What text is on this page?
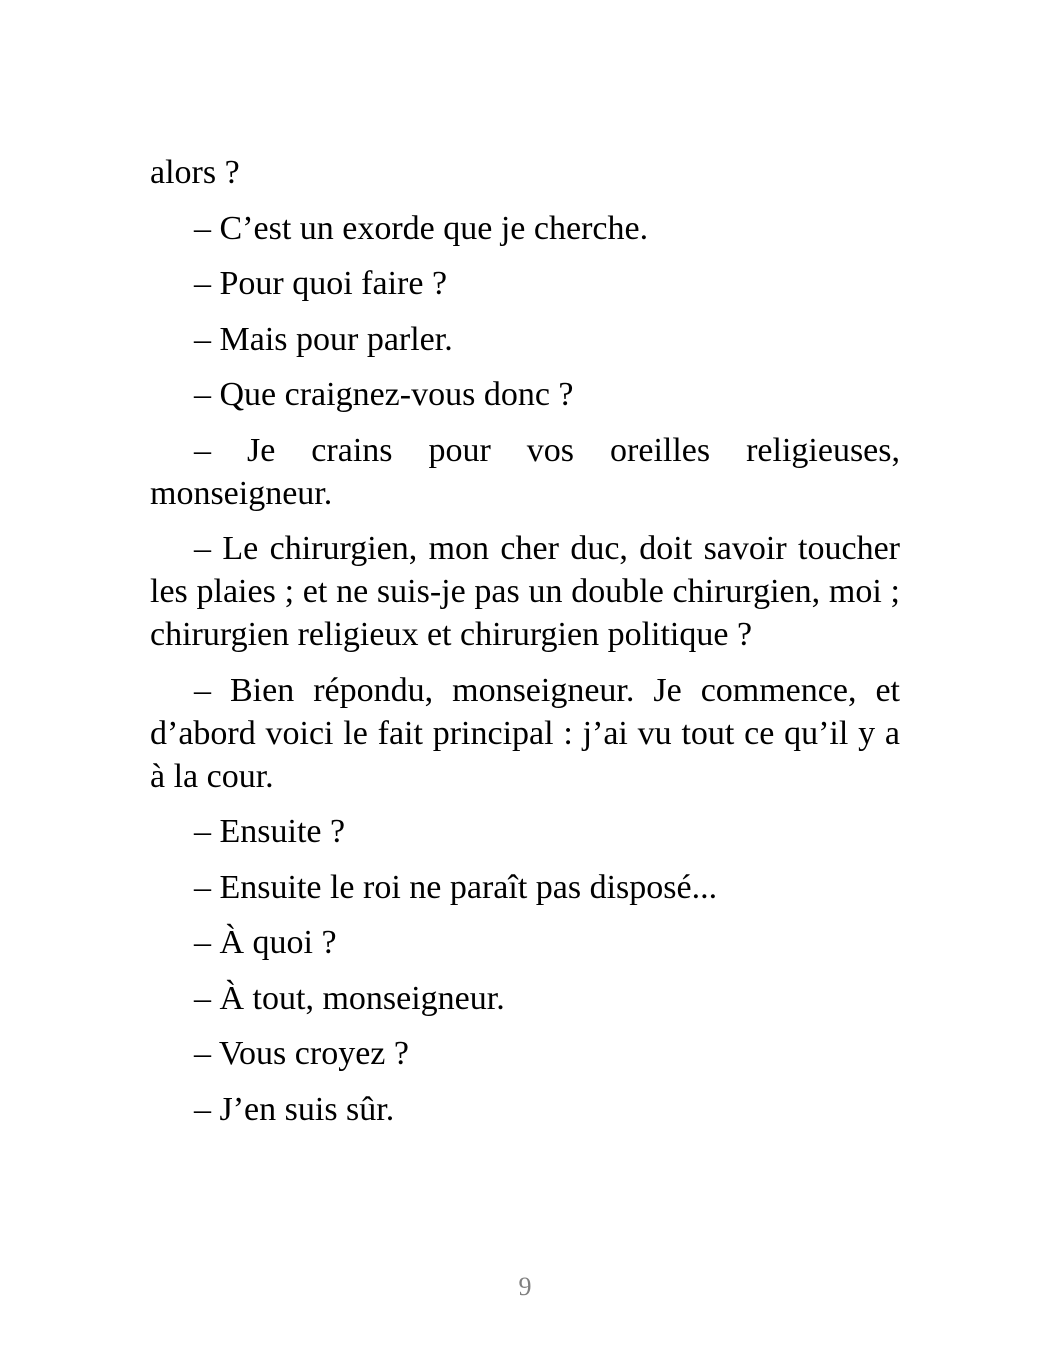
alors ?

– C’est un exorde que je cherche.

– Pour quoi faire ?

– Mais pour parler.

– Que craignez-vous donc ?

– Je crains pour vos oreilles religieuses, monseigneur.

– Le chirurgien, mon cher duc, doit savoir toucher les plaies ; et ne suis-je pas un double chirurgien, moi ; chirurgien religieux et chirurgien politique ?

– Bien répondu, monseigneur. Je commence, et d’abord voici le fait principal : j’ai vu tout ce qu’il y a à la cour.

– Ensuite ?

– Ensuite le roi ne paraît pas disposé...

– À quoi ?

– À tout, monseigneur.

– Vous croyez ?

– J’en suis sûr.

9
